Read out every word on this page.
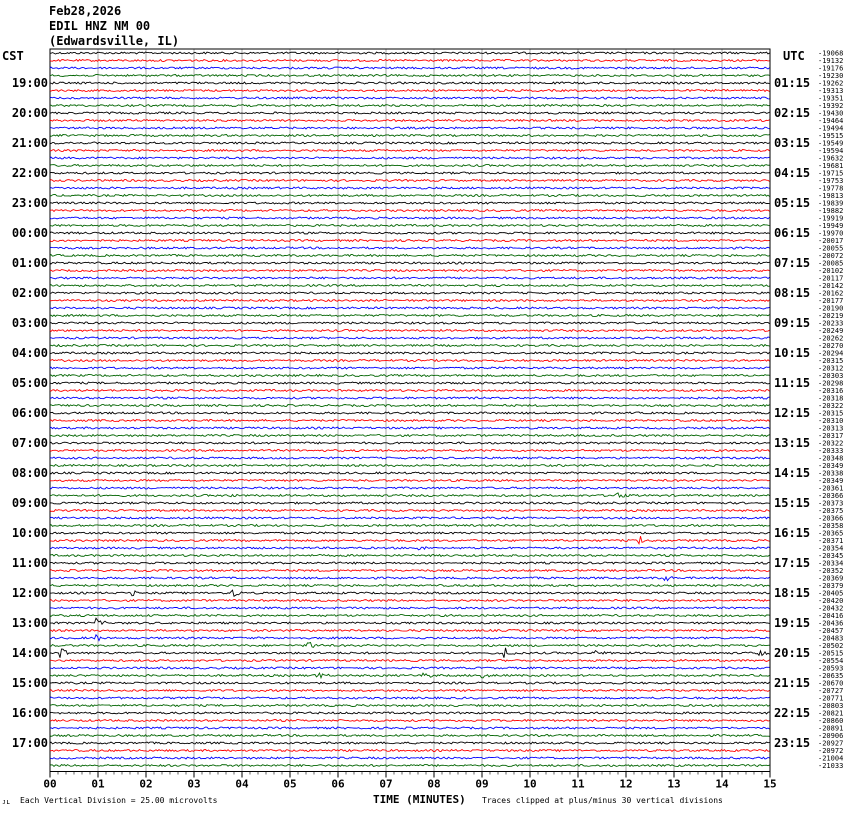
Feb28,2026
EDIL HNZ NM 00
(Edwardsville, IL)
CST	UTC
00	01	02	03	04	05	06	07	08	09	10	11	12	13	14	15
-19068
-19132
-19176
-19230
-19262
-19313
-19351
-19392
-19430
-19464
-19494
-19515
-19549
-19594
-19632
-19681
-19715
-19753
-19778
-19813
-19839
-19882
-19919
-19949
-19970
-20017
-20055
-20072
-20085
-20102
-20117
-20142
-20162
-20177
-20190
-20219
-20233
-20249
-20262
-20270
-20294
-20315
-20312
-20303
-20298
-20316
-20318
-20322
-20315
-20310
-20313
-20317
-20322
-20333
-20348
-20349
-20338
-20349
-20361
-20366
-20373
-20375
-20366
-20358
-20365
-20371
-20354
-20345
-20334
-20352
-20369
-20379
-20405
-20420
-20432
-20416
-20436
-20457
-20483
-20502
-20515
-20554
-20593
-20635
-20670
-20727
-20771
-20803
-20821
-20860
-20891
-20906
-20927
-20972
-21004
-21033
19:00	01:15
20:00	02:15
21:00	03:15
22:00	04:15
23:00	05:15
00:00	06:15
01:00	07:15
02:00	08:15
03:00	09:15
04:00	10:15
05:00	11:15
06:00	12:15
07:00	13:15
08:00	14:15
09:00	15:15
10:00	16:15
11:00	17:15
12:00	18:15
13:00	19:15
14:00	20:15
15:00	21:15
16:00	22:15
17:00	23:15
ᴊʟ Each Vertical Division = 25.00 microvolts	TIME (MINUTES) Traces clipped at plus/minus 30 vertical divisions
